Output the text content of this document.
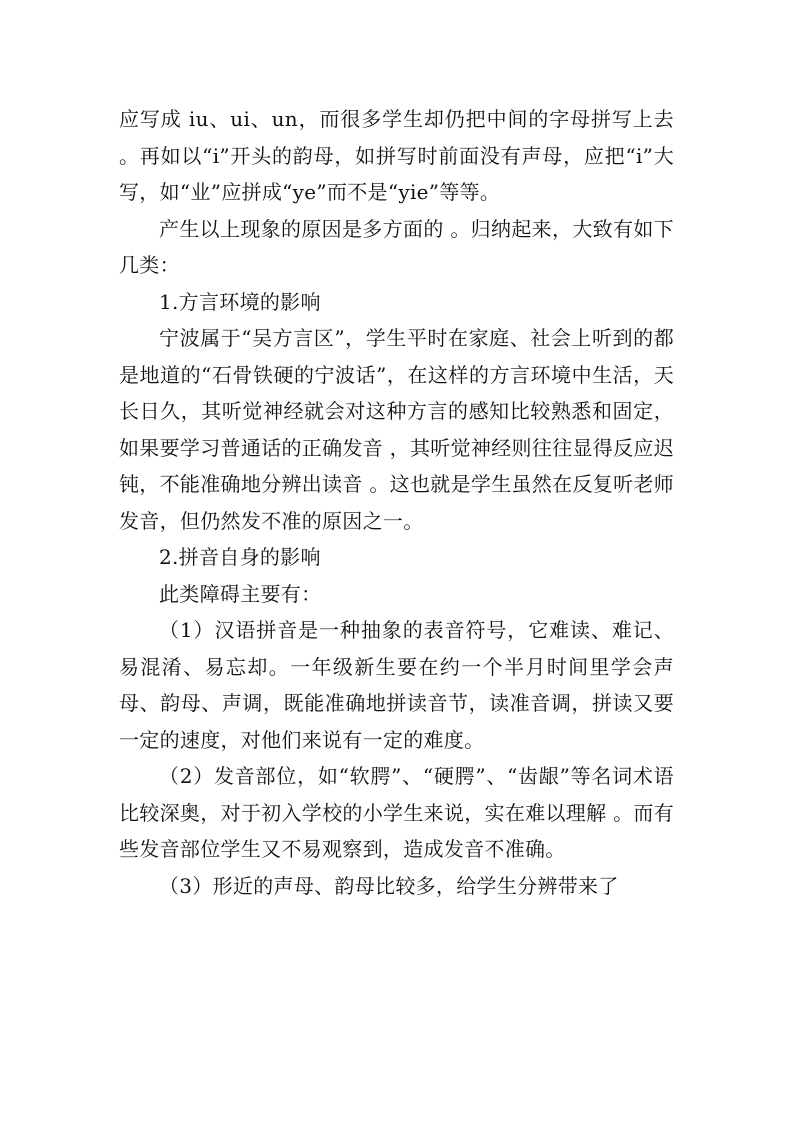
应写成 iu、ui、un，而很多学生却仍把中间的字母拼写上去 。再如以“i”开头的韵母，如拼写时前面没有声母，应把“i”大写，如“业”应拼成“ye”而不是“yie”等等。

产生以上现象的原因是多方面的 。归纳起来，大致有如下几类：

1.方言环境的影响

宁波属于“吴方言区”，学生平时在家庭、社会上听到的都是地道的“石骨铁硬的宁波话”，在这样的方言环境中生活，天长日久，其听觉神经就会对这种方言的感知比较熟悉和固定，如果要学习普通话的正确发音 ，其听觉神经则往往显得反应迟钝，不能准确地分辨出读音 。这也就是学生虽然在反复听老师发音，但仍然发不准的原因之一。

2.拼音自身的影响

此类障碍主要有：

（1）汉语拼音是一种抽象的表音符号，它难读、难记、易混淆、易忘却。一年级新生要在约一个半月时间里学会声母、韵母、声调，既能准确地拼读音节，读准音调，拼读又要一定的速度，对他们来说有一定的难度。

（2）发音部位，如“软腭”、“硬腭”、“齿龈”等名词术语比较深奥，对于初入学校的小学生来说，实在难以理解 。而有些发音部位学生又不易观察到，造成发音不准确。

（3）形近的声母、韵母比较多，给学生分辨带来了
